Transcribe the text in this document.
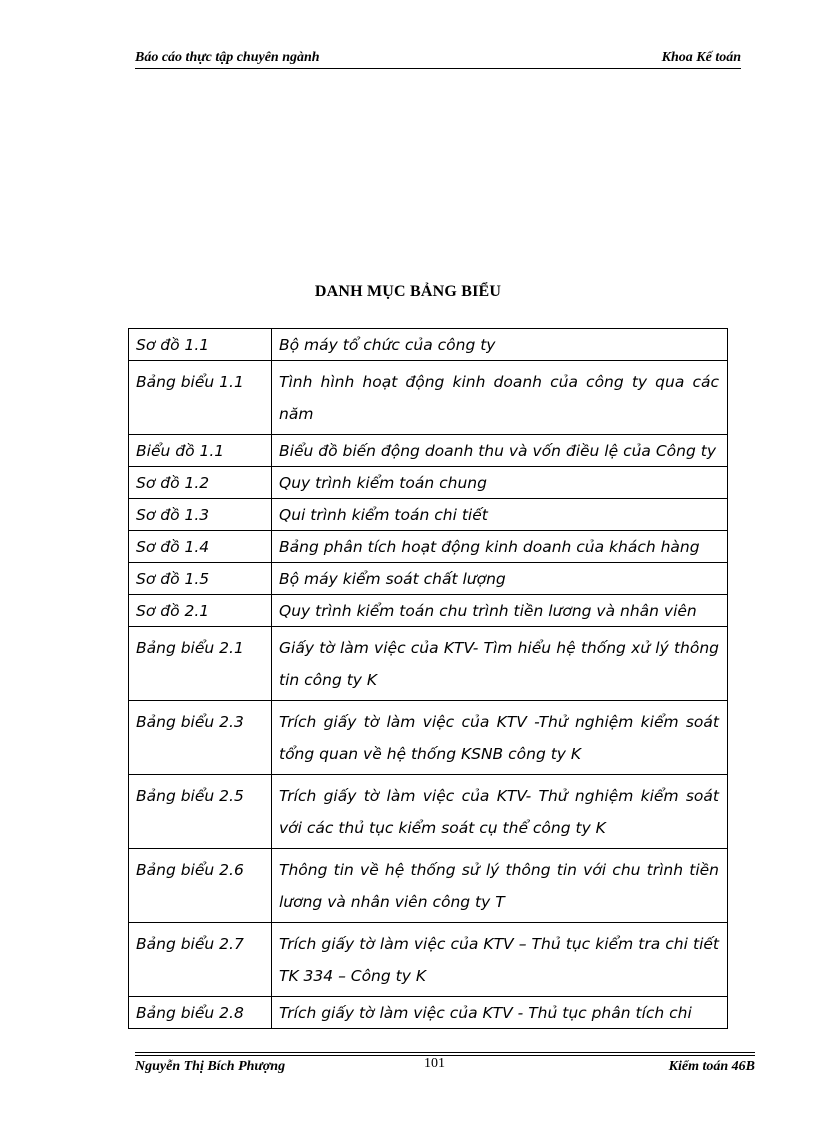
Báo cáo thực tập chuyên ngành	Khoa Kế toán
DANH MỤC BẢNG BIỂU
Sơ đồ 1.1	Bộ máy tổ chức của công ty
Bảng biểu 1.1	Tình hình hoạt động kinh doanh của công ty qua các năm
Biểu đồ 1.1	Biểu đồ biến động doanh thu và vốn điều lệ của Công ty
Sơ đồ 1.2	Quy trình kiểm toán chung
Sơ đồ 1.3	Qui trình kiểm toán chi tiết
Sơ đồ 1.4	Bảng phân tích hoạt động kinh doanh của khách hàng
Sơ đồ 1.5	Bộ máy kiểm soát chất lượng
Sơ đồ 2.1	Quy trình kiểm toán chu trình tiền lương và nhân viên
Bảng biểu 2.1	Giấy tờ làm việc của KTV- Tìm hiểu hệ thống xử lý thông tin công ty K
Bảng biểu 2.3	Trích giấy tờ làm việc của KTV -Thử nghiệm kiểm soát tổng quan về hệ thống KSNB công ty K
Bảng biểu 2.5	Trích giấy tờ làm việc của KTV- Thử nghiệm kiểm soát với các thủ tục kiểm soát cụ thể công ty K
Bảng biểu 2.6	Thông tin về hệ thống sử lý thông tin với chu trình tiền lương và nhân viên công ty T
Bảng biểu 2.7	Trích giấy tờ làm việc của KTV – Thủ tục kiểm tra chi tiết TK 334 – Công ty K
Bảng biểu 2.8	Trích giấy tờ làm việc của KTV - Thủ tục phân tích chi
Nguyễn Thị Bích Phượng	101	Kiểm toán 46B
